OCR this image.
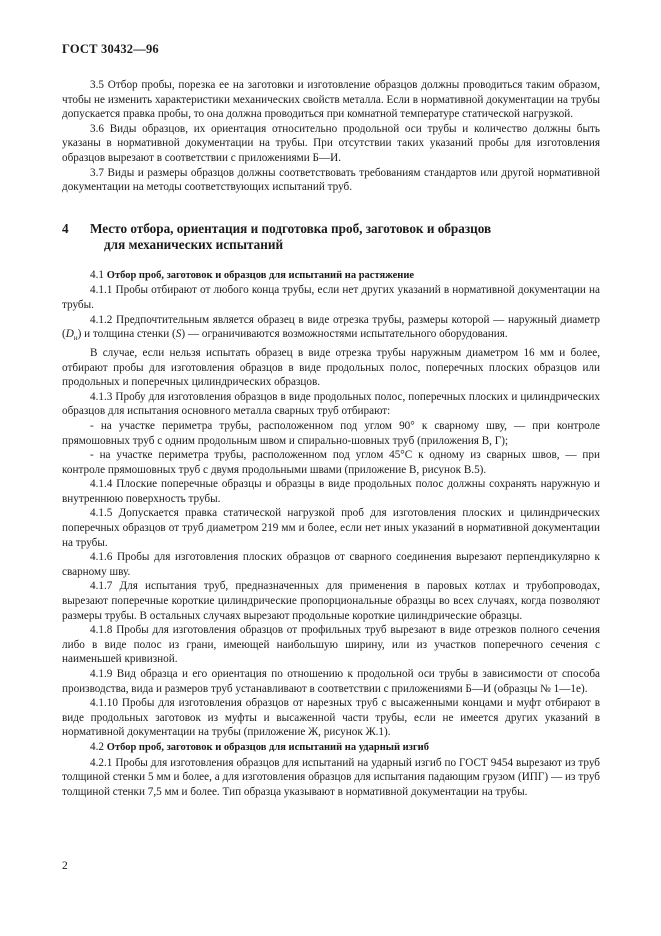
ГОСТ 30432—96

3.5 Отбор пробы, порезка ее на заготовки и изготовление образцов должны проводиться таким образом, чтобы не изменить характеристики механических свойств металла. Если в нормативной документации на трубы допускается правка пробы, то она должна проводиться при комнатной температуре статической нагрузкой.

3.6 Виды образцов, их ориентация относительно продольной оси трубы и количество должны быть указаны в нормативной документации на трубы. При отсутствии таких указаний пробы для изготовления образцов вырезают в соответствии с приложениями Б—И.

3.7 Виды и размеры образцов должны соответствовать требованиям стандартов или другой нормативной документации на методы соответствующих испытаний труб.

4 Место отбора, ориентация и подготовка проб, заготовок и образцов
для механических испытаний

4.1 Отбор проб, заготовок и образцов для испытаний на растяжение

4.1.1 Пробы отбирают от любого конца трубы, если нет других указаний в нормативной документации на трубы.

4.1.2 Предпочтительным является образец в виде отрезка трубы, размеры которой — наружный диаметр $(D_н)$ и толщина стенки (S) — ограничиваются возможностями испытательного оборудования.

В случае, если нельзя испытать образец в виде отрезка трубы наружным диаметром 16 мм и более, отбирают пробы для изготовления образцов в виде продольных полос, поперечных плоских образцов или продольных и поперечных цилиндрических образцов.

4.1.3 Пробу для изготовления образцов в виде продольных полос, поперечных плоских и цилиндрических образцов для испытания основного металла сварных труб отбирают:

- на участке периметра трубы, расположенном под углом 90° к сварному шву, — при контроле прямошовных труб с одним продольным швом и спирально-шовных труб (приложения В, Г);

- на участке периметра трубы, расположенном под углом 45°С к одному из сварных швов, — при контроле прямошовных труб с двумя продольными швами (приложение В, рисунок В.5).

4.1.4 Плоские поперечные образцы и образцы в виде продольных полос должны сохранять наружную и внутреннюю поверхность трубы.

4.1.5 Допускается правка статической нагрузкой проб для изготовления плоских и цилиндрических поперечных образцов от труб диаметром 219 мм и более, если нет иных указаний в нормативной документации на трубы.

4.1.6 Пробы для изготовления плоских образцов от сварного соединения вырезают перпендикулярно к сварному шву.

4.1.7 Для испытания труб, предназначенных для применения в паровых котлах и трубопроводах, вырезают поперечные короткие цилиндрические пропорциональные образцы во всех случаях, когда позволяют размеры трубы. В остальных случаях вырезают продольные короткие цилиндрические образцы.

4.1.8 Пробы для изготовления образцов от профильных труб вырезают в виде отрезков полного сечения либо в виде полос из грани, имеющей наибольшую ширину, или из участков поперечного сечения с наименьшей кривизной.

4.1.9 Вид образца и его ориентация по отношению к продольной оси трубы в зависимости от способа производства, вида и размеров труб устанавливают в соответствии с приложениями Б—И (образцы № 1—1е).

4.1.10 Пробы для изготовления образцов от нарезных труб с высаженными концами и муфт отбирают в виде продольных заготовок из муфты и высаженной части трубы, если не имеется других указаний в нормативной документации на трубы (приложение Ж, рисунок Ж.1).

4.2 Отбор проб, заготовок и образцов для испытаний на ударный изгиб

4.2.1 Пробы для изготовления образцов для испытаний на ударный изгиб по ГОСТ 9454 вырезают из труб толщиной стенки 5 мм и более, а для изготовления образцов для испытания падающим грузом (ИПГ) — из труб толщиной стенки 7,5 мм и более. Тип образца указывают в нормативной документации на трубы.

2
